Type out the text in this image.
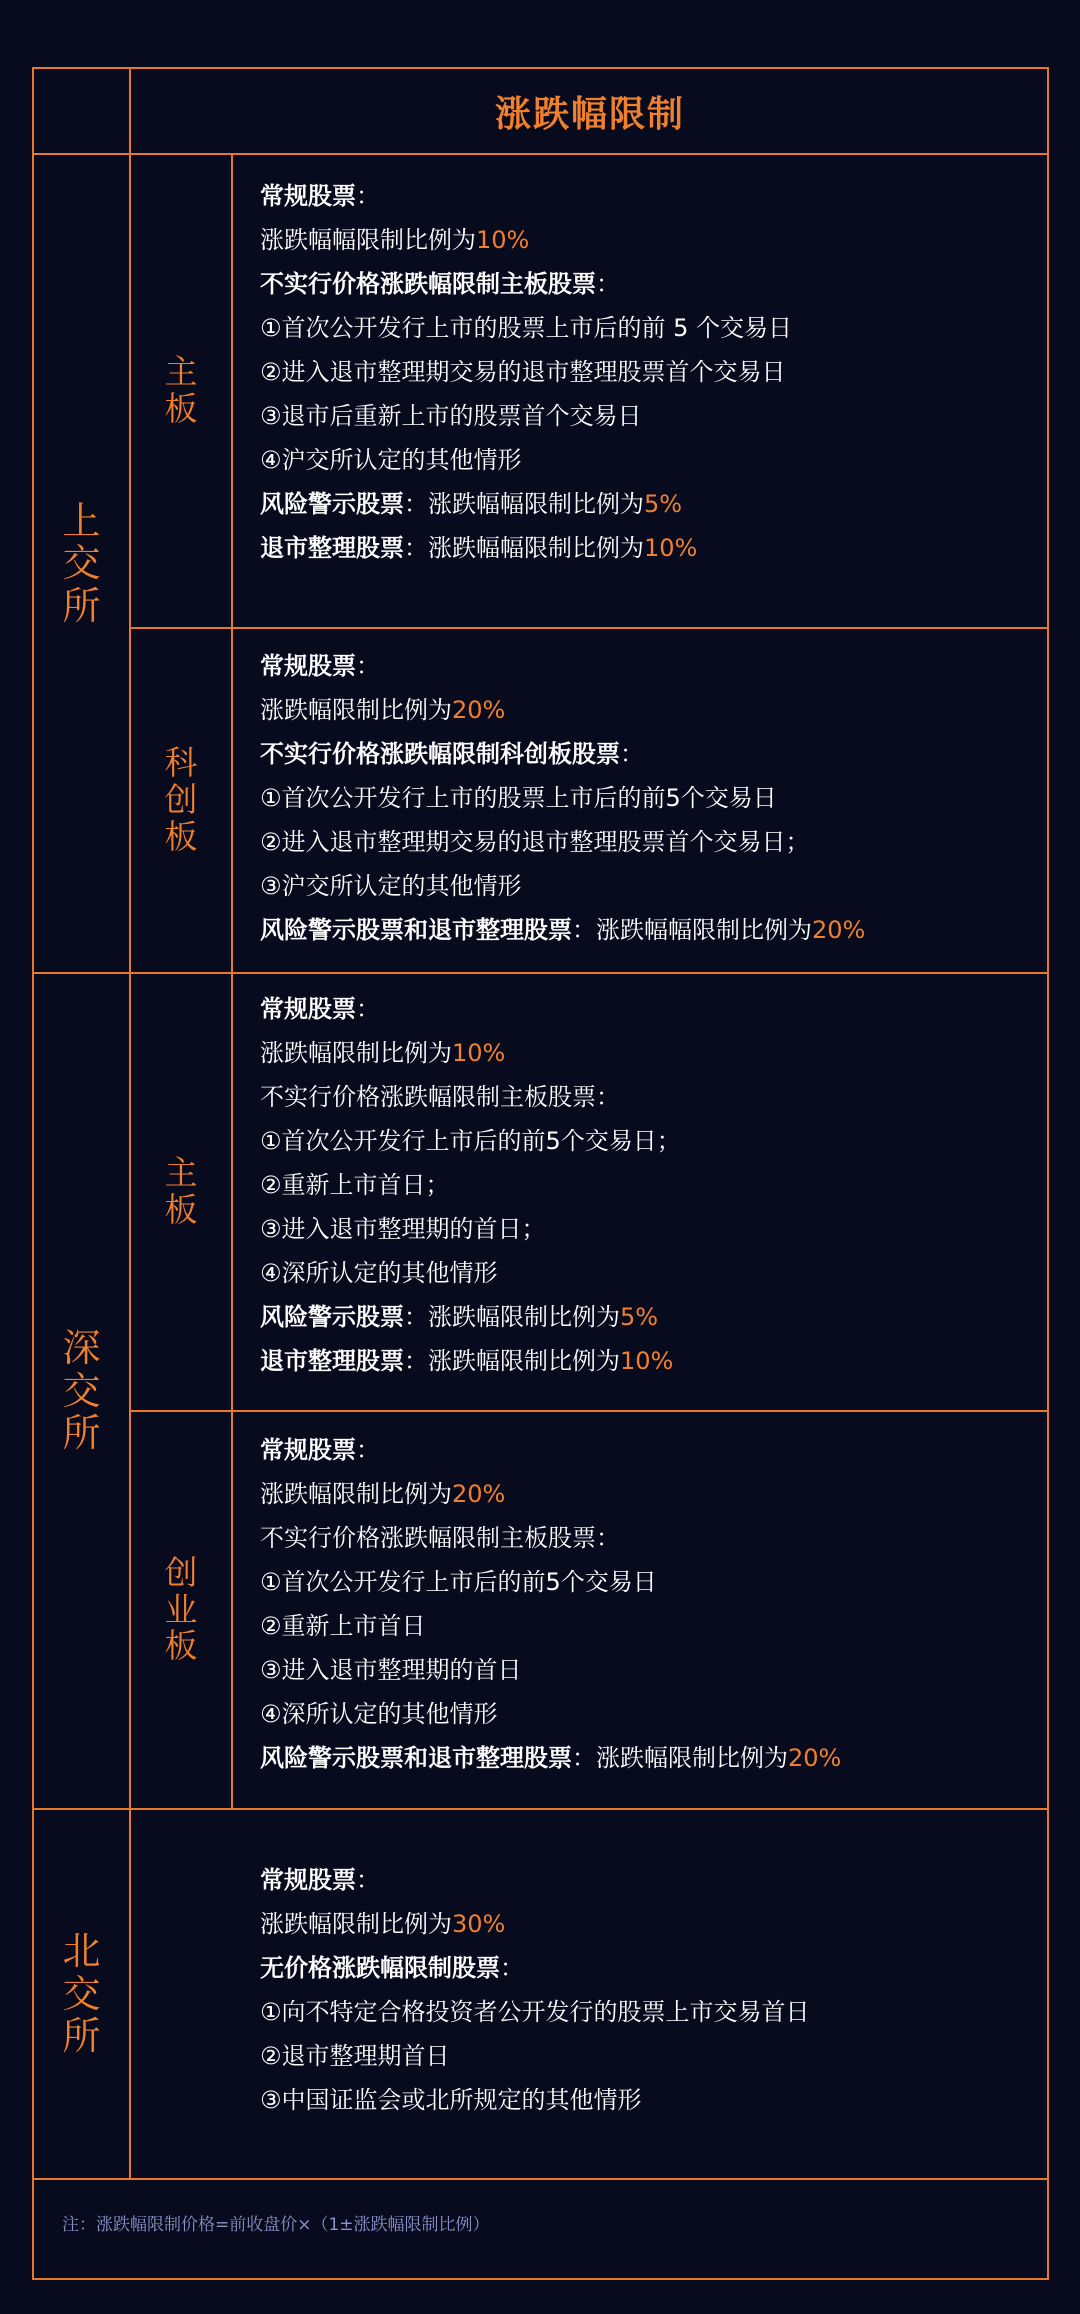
涨跌幅限制
上
交
所
深
交
所
北
交
所
主
板
科
创
板
主
板
创
业
板
常规股票：
涨跌幅幅限制比例为10%
不实行价格涨跌幅限制主板股票：
①首次公开发行上市的股票上市后的前 5 个交易日
②进入退市整理期交易的退市整理股票首个交易日
③退市后重新上市的股票首个交易日
④沪交所认定的其他情形
风险警示股票：涨跌幅幅限制比例为5%
退市整理股票：涨跌幅幅限制比例为10%
常规股票：
涨跌幅限制比例为20%
不实行价格涨跌幅限制科创板股票：
①首次公开发行上市的股票上市后的前5个交易日
②进入退市整理期交易的退市整理股票首个交易日；
③沪交所认定的其他情形
风险警示股票和退市整理股票：涨跌幅幅限制比例为20%
常规股票：
涨跌幅限制比例为10%
不实行价格涨跌幅限制主板股票：
①首次公开发行上市后的前5个交易日；
②重新上市首日；
③进入退市整理期的首日；
④深所认定的其他情形
风险警示股票：涨跌幅限制比例为5%
退市整理股票：涨跌幅限制比例为10%
常规股票：
涨跌幅限制比例为20%
不实行价格涨跌幅限制主板股票：
①首次公开发行上市后的前5个交易日
②重新上市首日
③进入退市整理期的首日
④深所认定的其他情形
风险警示股票和退市整理股票：涨跌幅限制比例为20%
常规股票：
涨跌幅限制比例为30%
无价格涨跌幅限制股票：
①向不特定合格投资者公开发行的股票上市交易首日
②退市整理期首日
③中国证监会或北所规定的其他情形
注：涨跌幅限制价格=前收盘价×（1±涨跌幅限制比例）
